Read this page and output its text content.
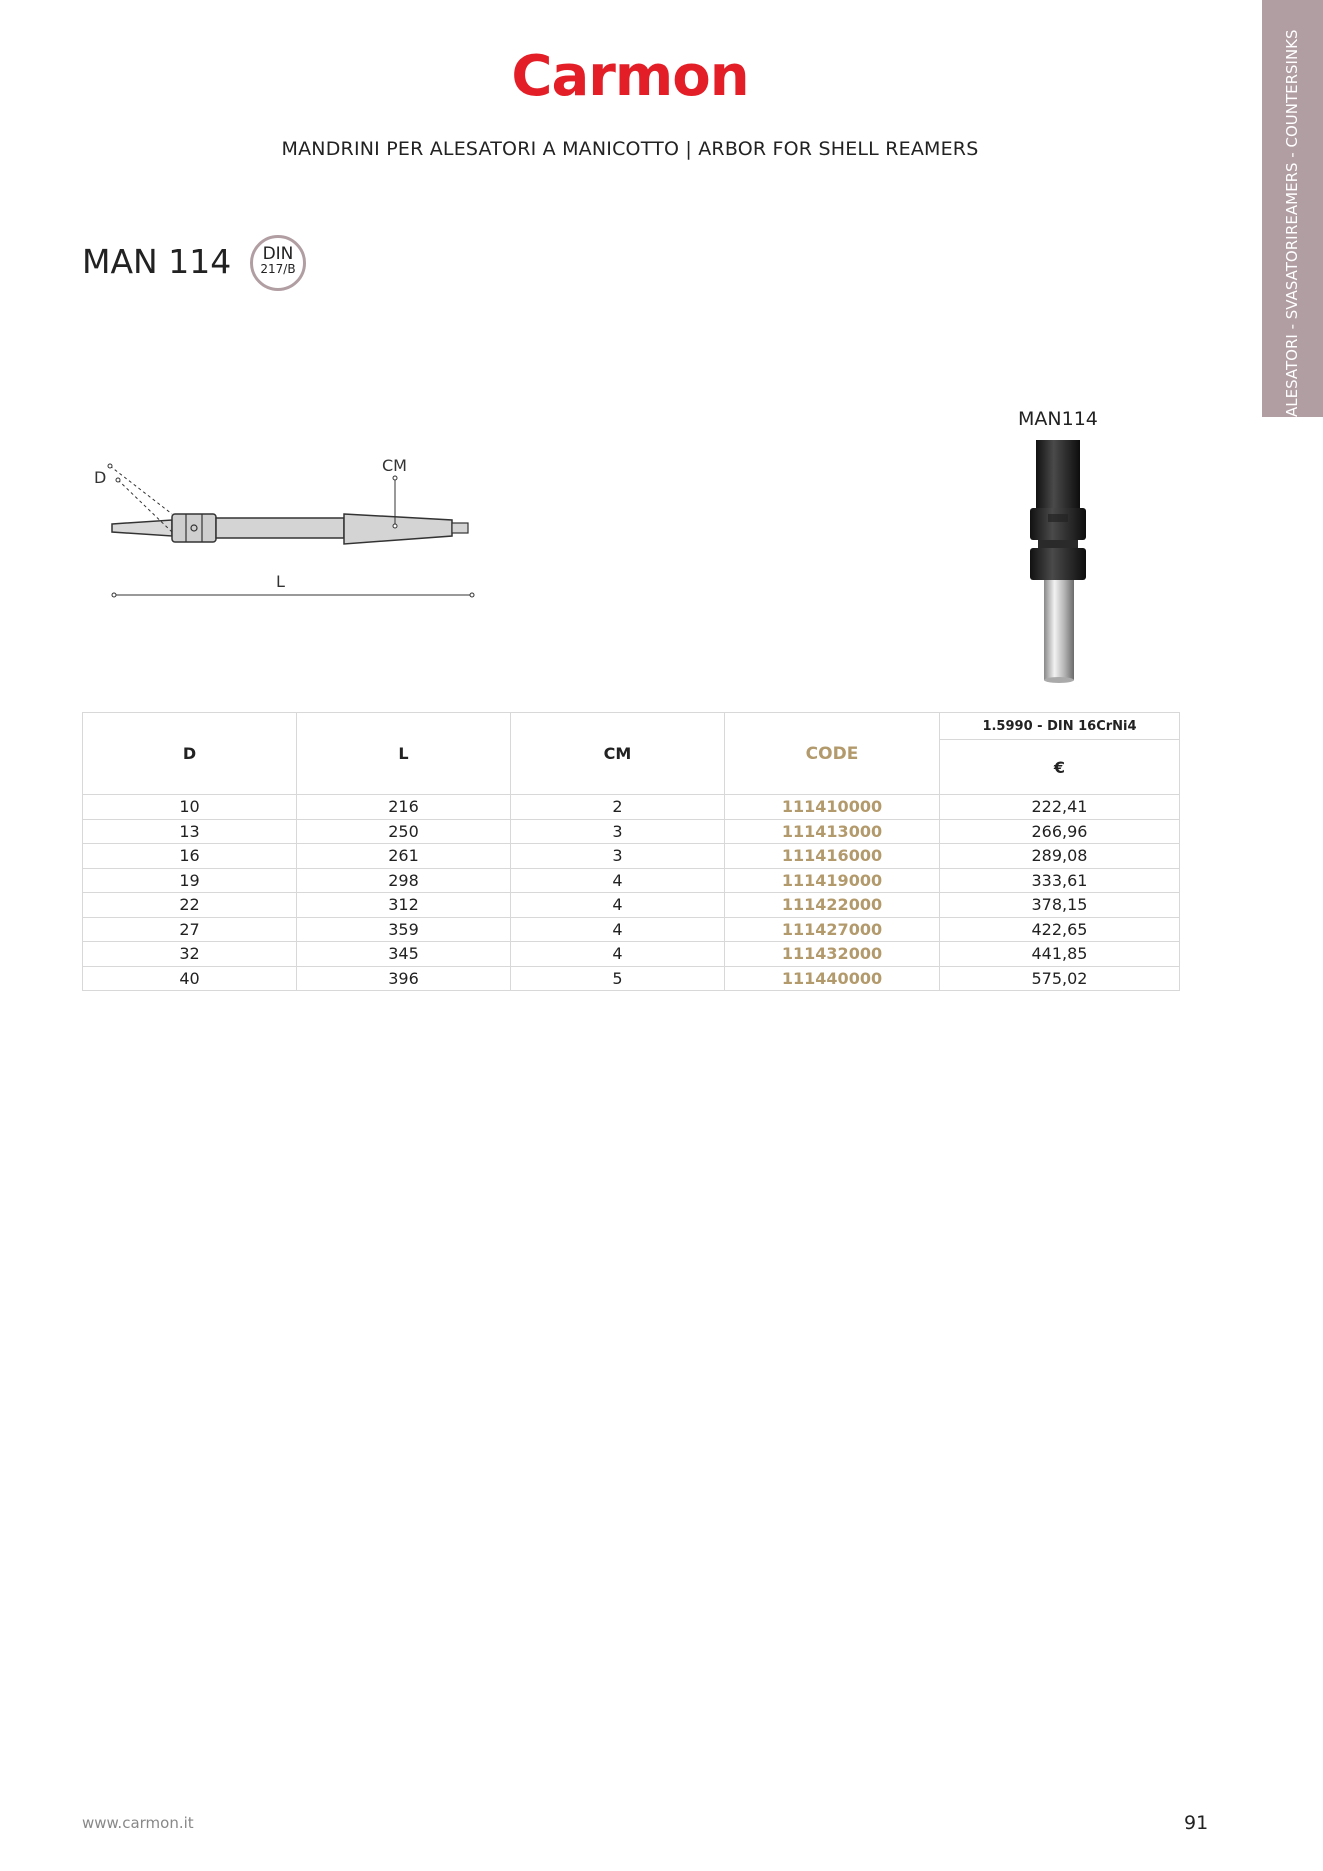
Carmon
MANDRINI PER ALESATORI A MANICOTTO | ARBOR FOR SHELL REAMERS
ALESATORI - SVASATORI
REAMERS - COUNTERSINKS
MAN 114	DIN
217/B
D
CM
L
MAN114
D	L	CM	CODE	1.5990 - DIN 16CrNi4
				€
10	216	2	111410000	222,41
13	250	3	111413000	266,96
16	261	3	111416000	289,08
19	298	4	111419000	333,61
22	312	4	111422000	378,15
27	359	4	111427000	422,65
32	345	4	111432000	441,85
40	396	5	111440000	575,02
www.carmon.it	91
